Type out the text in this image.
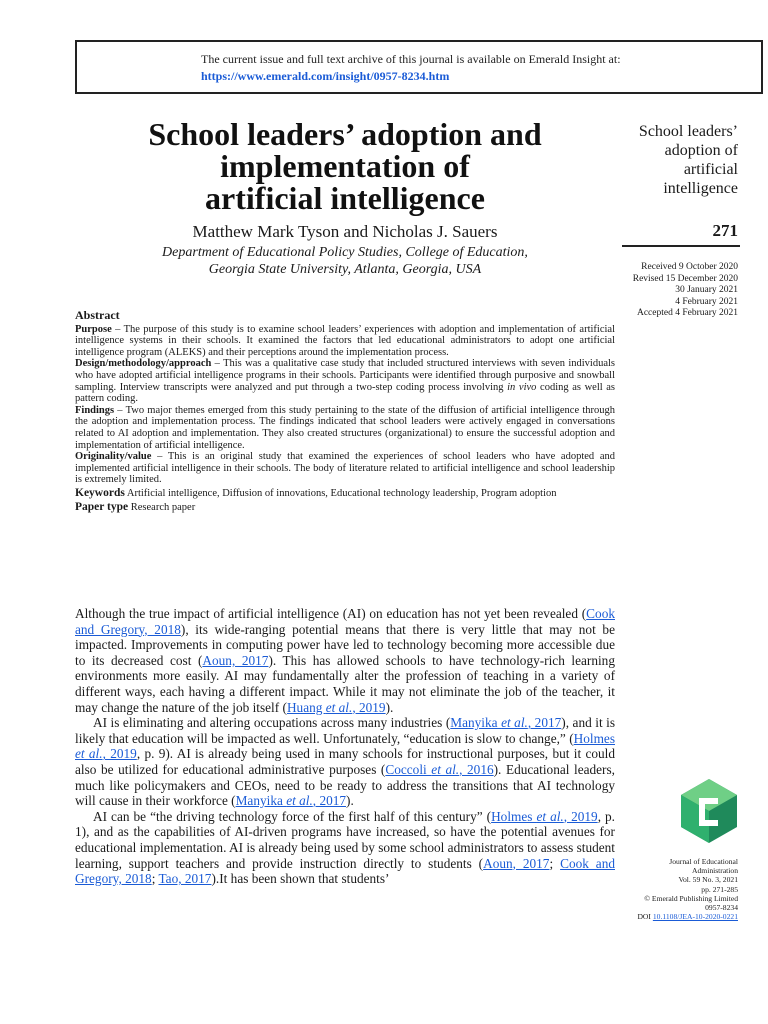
The current issue and full text archive of this journal is available on Emerald Insight at:
https://www.emerald.com/insight/0957-8234.htm
School leaders’ adoption and
implementation of
artificial intelligence
Matthew Mark Tyson and Nicholas J. Sauers
Department of Educational Policy Studies, College of Education,
Georgia State University, Atlanta, Georgia, USA
School leaders’
adoption of
artificial
intelligence
271
Received 9 October 2020
Revised 15 December 2020
30 January 2021
4 February 2021
Accepted 4 February 2021
Abstract

Purpose – The purpose of this study is to examine school leaders’ experiences with adoption and implementation of artificial intelligence systems in their schools. It examined the factors that led educational administrators to adopt one artificial intelligence program (ALEKS) and their perceptions around the implementation process.

Design/methodology/approach – This was a qualitative case study that included structured interviews with seven individuals who have adopted artificial intelligence programs in their schools. Participants were identified through purposive and snowball sampling. Interview transcripts were analyzed and put through a two-step coding process involving in vivo coding as well as pattern coding.

Findings – Two major themes emerged from this study pertaining to the state of the diffusion of artificial intelligence through the adoption and implementation process. The findings indicated that school leaders were actively engaged in conversations related to AI adoption and implementation. They also created structures (organizational) to ensure the successful adoption and implementation of artificial intelligence.

Originality/value – This is an original study that examined the experiences of school leaders who have adopted and implemented artificial intelligence in their schools. The body of literature related to artificial intelligence and school leadership is extremely limited.

Keywords Artificial intelligence, Diffusion of innovations, Educational technology leadership, Program adoption

Paper type Research paper

Although the true impact of artificial intelligence (AI) on education has not yet been revealed (Cook and Gregory, 2018), its wide-ranging potential means that there is very little that may not be impacted. Improvements in computing power have led to technology becoming more accessible due to its decreased cost (Aoun, 2017). This has allowed schools to have technology-rich learning environments more easily. AI may fundamentally alter the profession of teaching in a variety of different ways, each having a different impact. While it may not eliminate the job of the teacher, it may change the nature of the job itself (Huang et al., 2019).

AI is eliminating and altering occupations across many industries (Manyika et al., 2017), and it is likely that education will be impacted as well. Unfortunately, “education is slow to change,” (Holmes et al., 2019, p. 9). AI is already being used in many schools for instructional purposes, but it could also be utilized for educational administrative purposes (Coccoli et al., 2016). Educational leaders, much like policymakers and CEOs, need to be ready to address the transitions that AI technology will cause in their workforce (Manyika et al., 2017).

AI can be “the driving technology force of the first half of this century” (Holmes et al., 2019, p. 1), and as the capabilities of AI-driven programs have increased, so have the potential avenues for educational implementation. AI is already being used by some school administrators to assess student learning, support teachers and provide instruction directly to students (Aoun, 2017; Cook and Gregory, 2018; Tao, 2017).It has been shown that students’

Journal of Educational
Administration
Vol. 59 No. 3, 2021
pp. 271-285
© Emerald Publishing Limited
0957-8234
DOI 10.1108/JEA-10-2020-0221
